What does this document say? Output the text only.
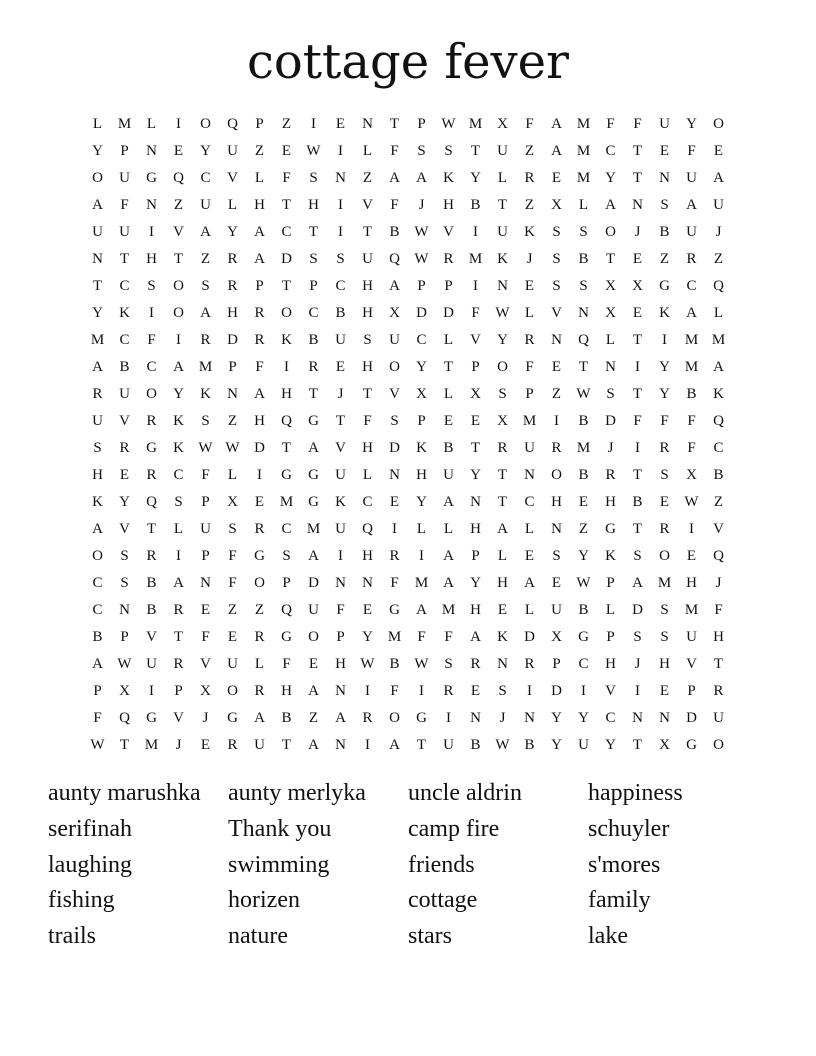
cottage fever
L	M	L	I	O	Q	P	Z	I	E	N	T	P	W M X	F	A M	F	F	U	Y	O
Y	P	N	E	Y	U	Z	E	W	I	L	F	S	S	T	U	Z	A M	C	T	E	F	E
O	U	G	Q	C	V	L	F	S	N	Z	A	A	K	Y	L	R	E	M Y	T	N	U	A
A	F	N	Z	U	L	H	T	H	I	V	F	J	H	B	T	Z	X	L	A	N	S	A	U
U	U	I	V	A	Y	A	C	T	I	T	B W V	I	U	K	S	S	O	J	B	U	J
N	T	H	T	Z	R	A	D	S	S	U	Q W R	M K	J	S	B	T	E	Z	R	Z
T	C	S	O	S	R	P	T	P	C	H	A	P	P	I	N	E	S	S	X	X	G	C	Q
Y	K	I	O	A	H	R	O	C	B	H	X	D	D	F	W	L	V	N	X	E	K	A	L
M	C	F	I	R	D	R	K	B	U	S	U	C	L	V	Y	R	N	Q	L	T	I	M M
A	B	C	A M	P	F	I	R	E	H	O	Y	T	P	O	F	E	T	N	I	Y M A
R	U	O	Y	K	N	A	H	T	J	T	V	X	L	X	S	P	Z	W	S	T	Y	B	K
U	V	R	K	S	Z	H	Q	G	T	F	S	P	E	E	X M	I	B	D	F	F	F	Q
S	R	G	K W W D	T	A	V	H	D	K	B	T	R	U	R	M	J	I	R	F	C
H	E	R	C	F	L	I	G	G	U	L	N	H	U	Y	T	N	O	B	R	T	S	X	B
K	Y	Q	S	P	X	E	M G	K	C	E	Y	A	N	T	C	H	E	H	B	E	W	Z
A	V	T	L	U	S	R	C	M U	Q	I	L	L	H	A	L	N	Z	G	T	R	I	V
O	S	R	I	P	F	G	S	A	I	H	R	I	A	P	L	E	S	Y	K	S	O	E	Q
C	S	B	A	N	F	O	P	D	N	N	F	M A	Y	H	A	E	W	P	A M H	J
C	N	B	R	E	Z	Z	Q	U	F	E	G	A M H	E	L	U	B	L	D	S	M	F
B	P	V	T	F	E	R	G	O	P	Y M	F	F	A	K	D	X	G	P	S	S	U	H
A W U	R	V	U	L	F	E	H W B W	S	R	N	R	P	C	H	J	H	V	T
P	X	I	P	X	O	R	H	A	N	I	F	I	R	E	S	I	D	I	V	I	E	P	R
F	Q	G	V	J	G	A	B	Z	A	R	O	G	I	N	J	N	Y	Y	C	N	N	D	U
W	T	M	J	E	R	U	T	A	N	I	A	T	U	B W B	Y	U	Y	T	X	G	O
aunty marushka	aunty merlyka	uncle aldrin	happiness
serifinah	Thank you	camp fire	schuyler
laughing	swimming	friends	s'mores
fishing	horizen	cottage	family
trails	nature	stars	lake
